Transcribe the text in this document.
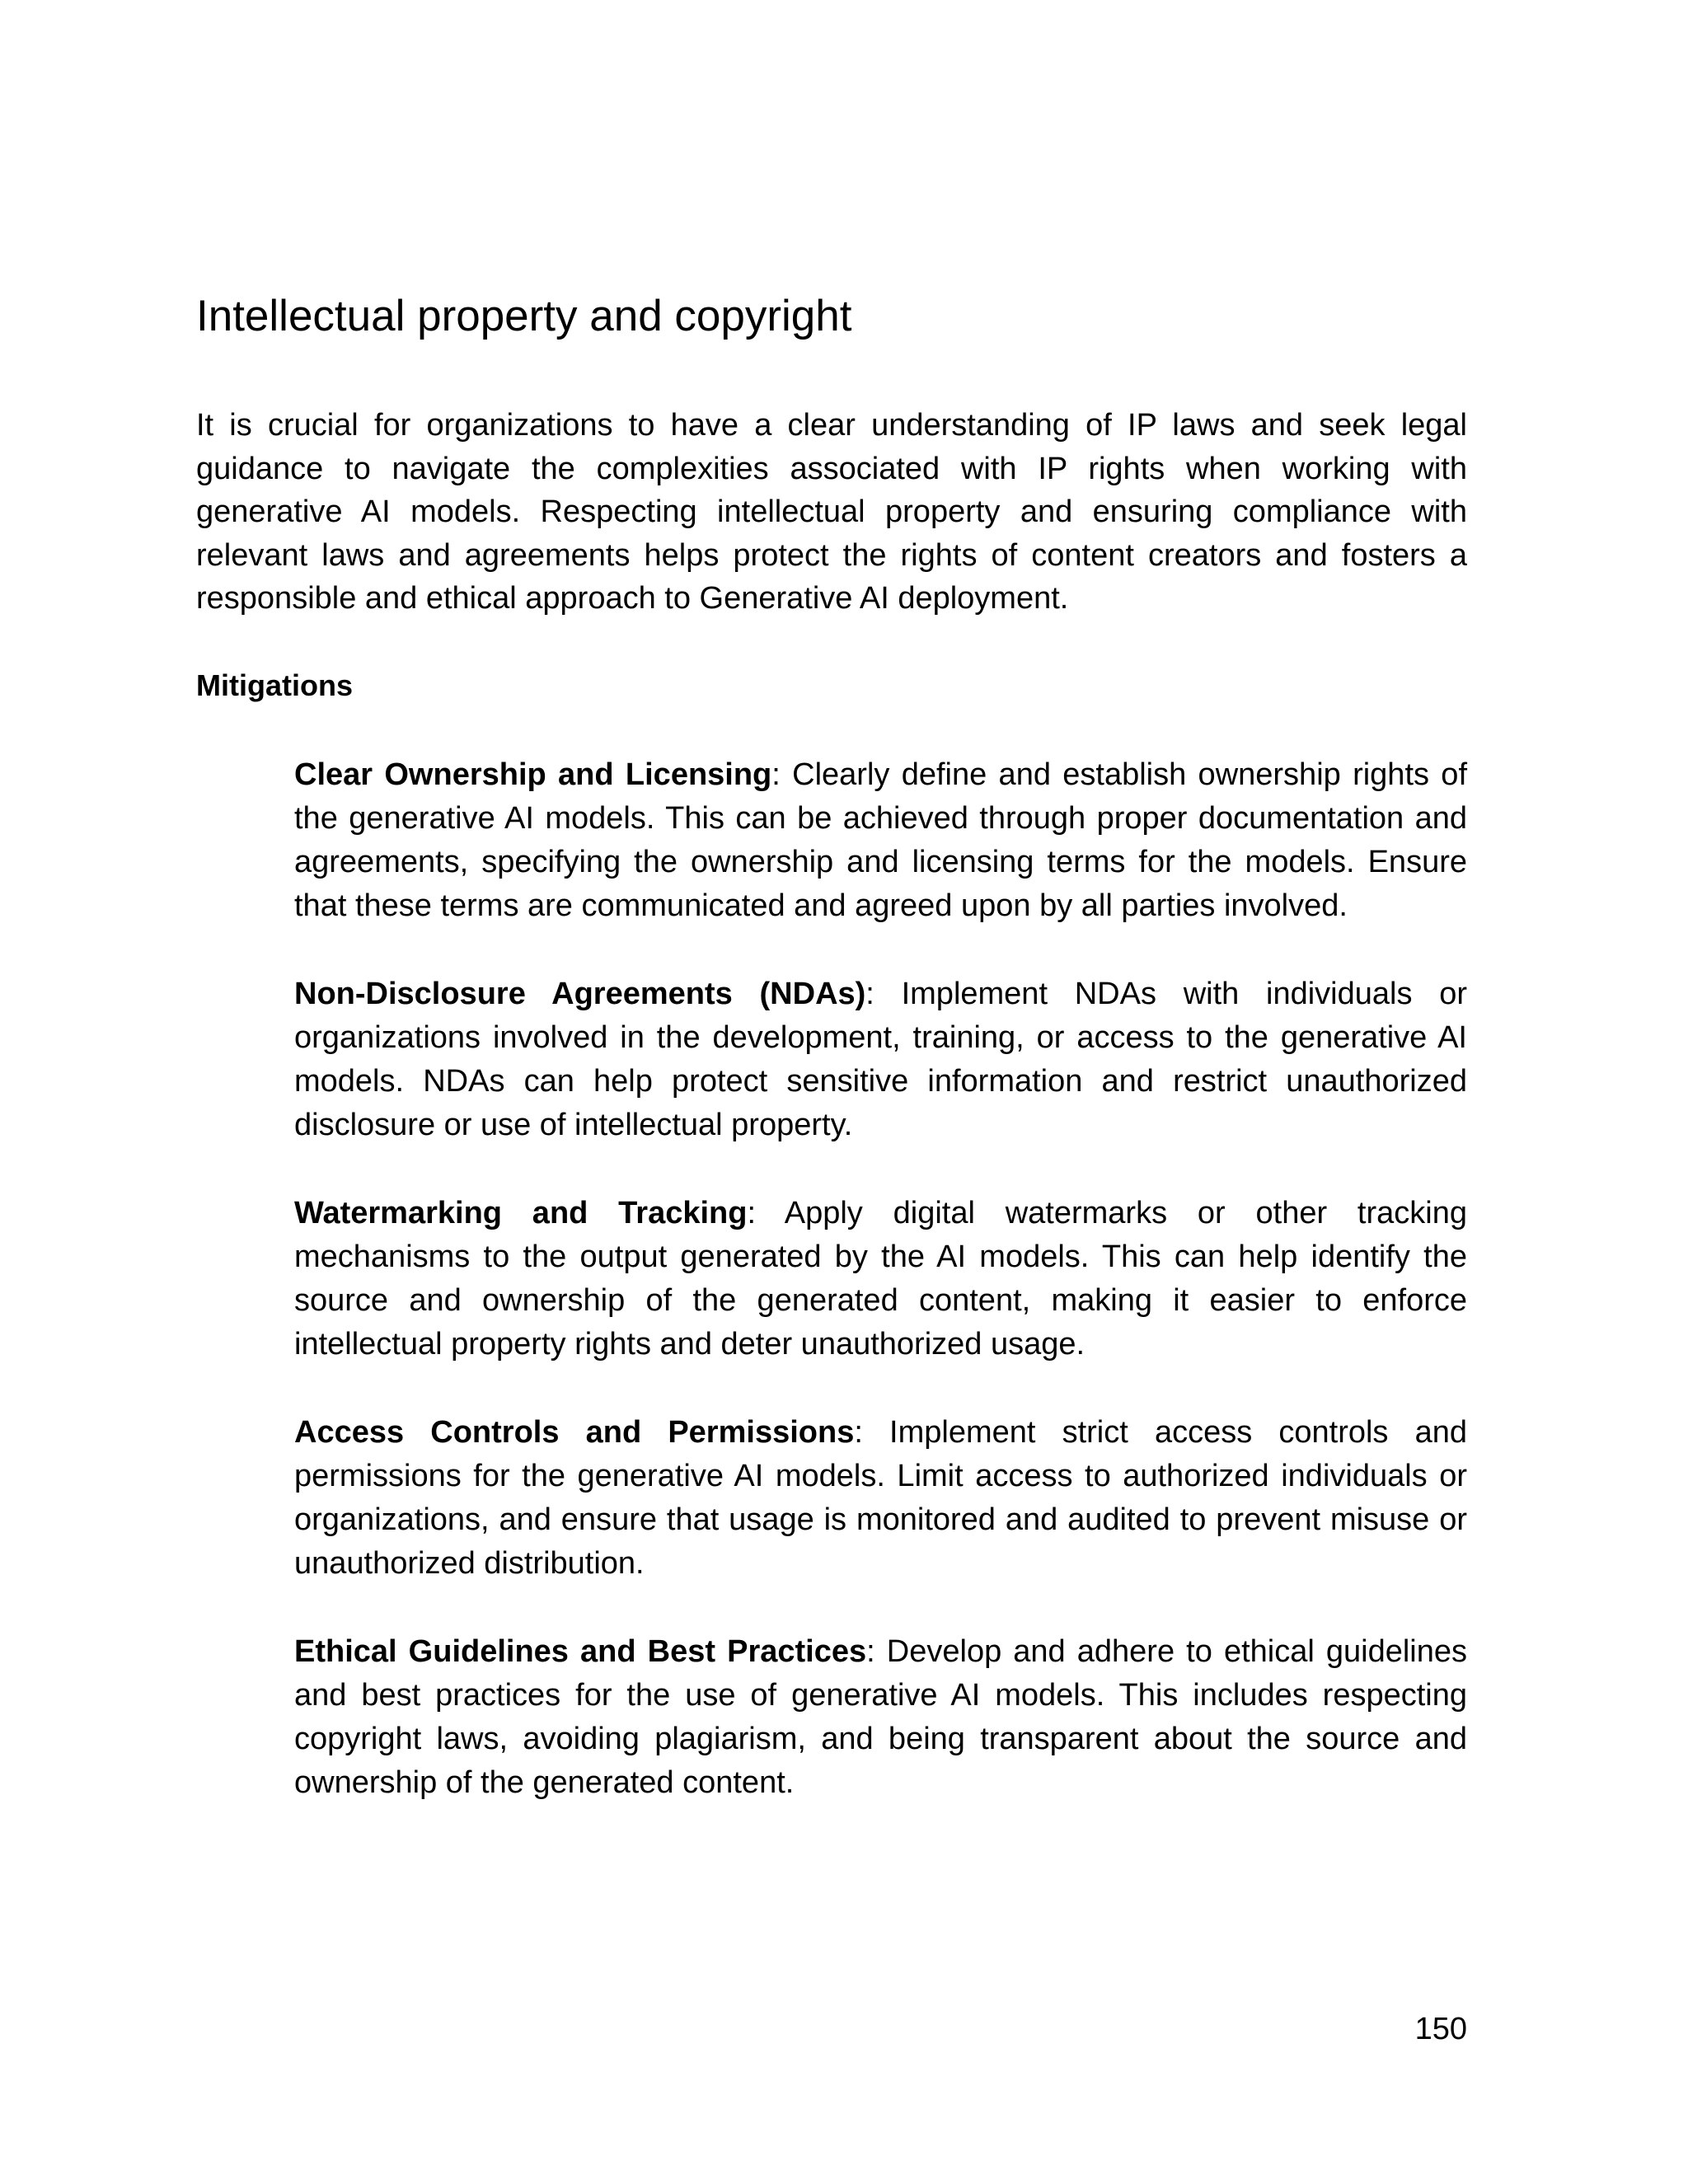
Intellectual property and copyright

It is crucial for organizations to have a clear understanding of IP laws and seek legal guidance to navigate the complexities associated with IP rights when working with generative AI models. Respecting intellectual property and ensuring compliance with relevant laws and agreements helps protect the rights of content creators and fosters a responsible and ethical approach to Generative AI deployment.

Mitigations
Clear Ownership and Licensing: Clearly define and establish ownership rights of the generative AI models. This can be achieved through proper documentation and agreements, specifying the ownership and licensing terms for the models. Ensure that these terms are communicated and agreed upon by all parties involved.
Non-Disclosure Agreements (NDAs): Implement NDAs with individuals or organizations involved in the development, training, or access to the generative AI models. NDAs can help protect sensitive information and restrict unauthorized disclosure or use of intellectual property.
Watermarking and Tracking: Apply digital watermarks or other tracking mechanisms to the output generated by the AI models. This can help identify the source and ownership of the generated content, making it easier to enforce intellectual property rights and deter unauthorized usage.
Access Controls and Permissions: Implement strict access controls and permissions for the generative AI models. Limit access to authorized individuals or organizations, and ensure that usage is monitored and audited to prevent misuse or unauthorized distribution.
Ethical Guidelines and Best Practices: Develop and adhere to ethical guidelines and best practices for the use of generative AI models. This includes respecting copyright laws, avoiding plagiarism, and being transparent about the source and ownership of the generated content.

150
